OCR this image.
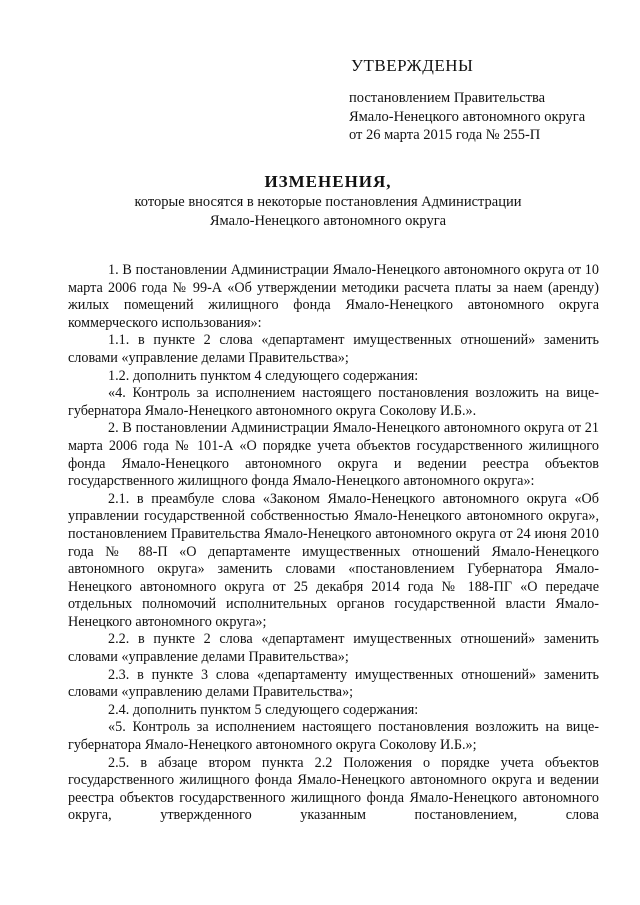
УТВЕРЖДЕНЫ
постановлением Правительства
Ямало-Ненецкого автономного округа
от 26 марта 2015 года № 255-П
ИЗМЕНЕНИЯ,
которые вносятся в некоторые постановления Администрации
Ямало-Ненецкого автономного округа

1. В постановлении Администрации Ямало-Ненецкого автономного округа от 10 марта 2006 года № 99-А «Об утверждении методики расчета платы за наем (аренду) жилых помещений жилищного фонда Ямало-Ненецкого автономного округа коммерческого использования»:

1.1. в пункте 2 слова «департамент имущественных отношений» заменить словами «управление делами Правительства»;

1.2. дополнить пунктом 4 следующего содержания:

«4. Контроль за исполнением настоящего постановления возложить на вице-губернатора Ямало-Ненецкого автономного округа Соколову И.Б.».

2. В постановлении Администрации Ямало-Ненецкого автономного округа от 21 марта 2006 года № 101-А «О порядке учета объектов государственного жилищного фонда Ямало-Ненецкого автономного округа и ведении реестра объектов государственного жилищного фонда Ямало-Ненецкого автономного округа»:

2.1. в преамбуле слова «Законом Ямало-Ненецкого автономного округа «Об управлении государственной собственностью Ямало-Ненецкого автономного округа», постановлением Правительства Ямало-Ненецкого автономного округа от 24 июня 2010 года № 88-П «О департаменте имущественных отношений Ямало-Ненецкого автономного округа» заменить словами «постановлением Губернатора Ямало-Ненецкого автономного округа от 25 декабря 2014 года № 188-ПГ «О передаче отдельных полномочий исполнительных органов государственной власти Ямало-Ненецкого автономного округа»;

2.2. в пункте 2 слова «департамент имущественных отношений» заменить словами «управление делами Правительства»;

2.3. в пункте 3 слова «департаменту имущественных отношений» заменить словами «управлению делами Правительства»;

2.4. дополнить пунктом 5 следующего содержания:

«5. Контроль за исполнением настоящего постановления возложить на вице-губернатора Ямало-Ненецкого автономного округа Соколову И.Б.»;

2.5. в абзаце втором пункта 2.2 Положения о порядке учета объектов государственного жилищного фонда Ямало-Ненецкого автономного округа и ведении реестра объектов государственного жилищного фонда Ямало-Ненецкого автономного округа, утвержденного указанным постановлением, слова
